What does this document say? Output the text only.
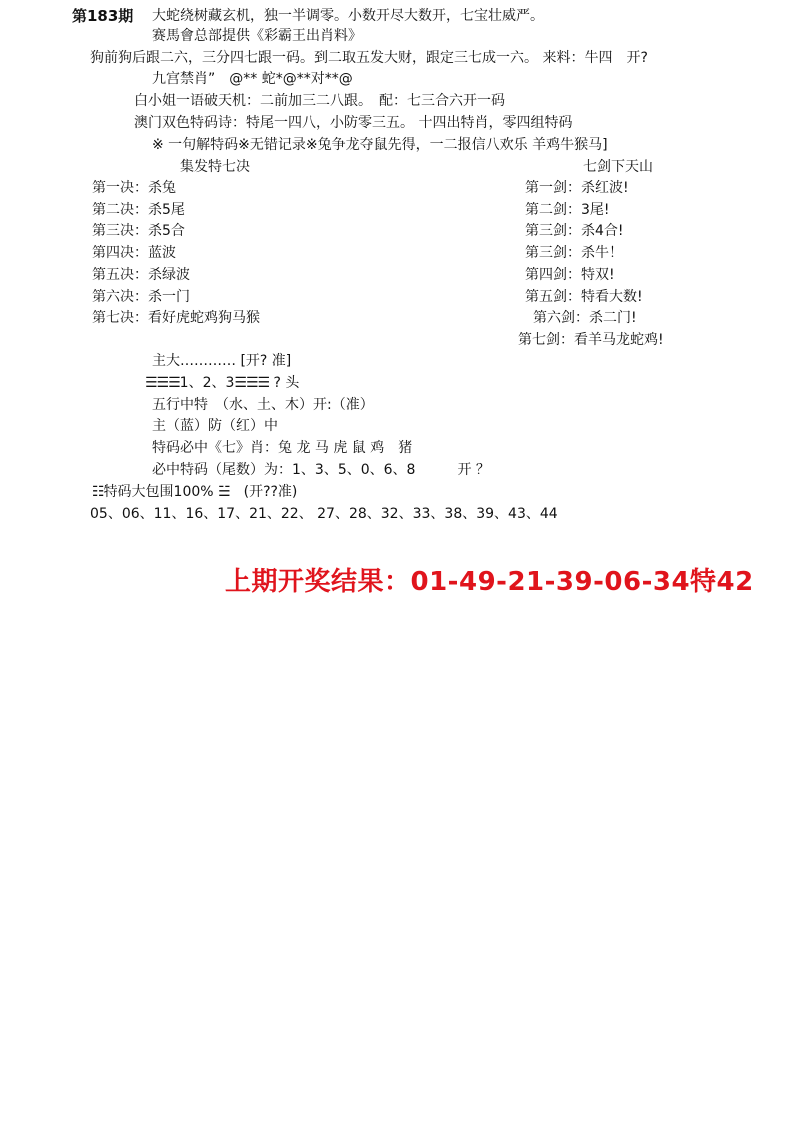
第183期 大蛇绕树藏玄机，独一半调零。小数开尽大数开，七宝壮威严。
赛馬會总部提供《彩霸王出肖料》
狗前狗后跟二六，三分四七跟一码。到二取五发大财，跟定三七成一六。 来料：牛四　开?
九宫禁肖”　@** 蛇*@**对**@
白小姐一语破天机：二前加三二八跟。　配：七三合六开一码
澳门双色特码诗：特尾一四八，小防零三五。 十四出特肖，零四组特码
※ 一句解特码※无错记录※兔争龙夺鼠先得，一二报信八欢乐 羊鸡牛猴马]
集发特七决	七剑下天山
第一决：杀兔
第二决：杀5尾
第三决：杀5合
第四决：蓝波
第五决：杀绿波
第六决：杀一门
第七决：看好虎蛇鸡狗马猴
第一剑：杀红波!
第二剑：3尾!
第三剑：杀4合!
第三剑：杀牛！
第四剑：特双!
第五剑：特看大数!
第六剑：杀二门!
第七剑：看羊马龙蛇鸡!
主大………… [开? 准]
☰☰☰1、2、3☰☰☰ ? 头
五行中特　（水、土、木）开:（准）
主（蓝）防（红）中
特码必中《七》肖：兔 龙 马 虎 鼠 鸡　猪
必中特码（尾数）为：1、3、5、0、6、8　　　开 ？
☷特码大包围100% ☱　(开??准)
05、06、11、16、17、21、22、 27、28、32、33、38、39、43、44
上期开奖结果：01-49-21-39-06-34特42
